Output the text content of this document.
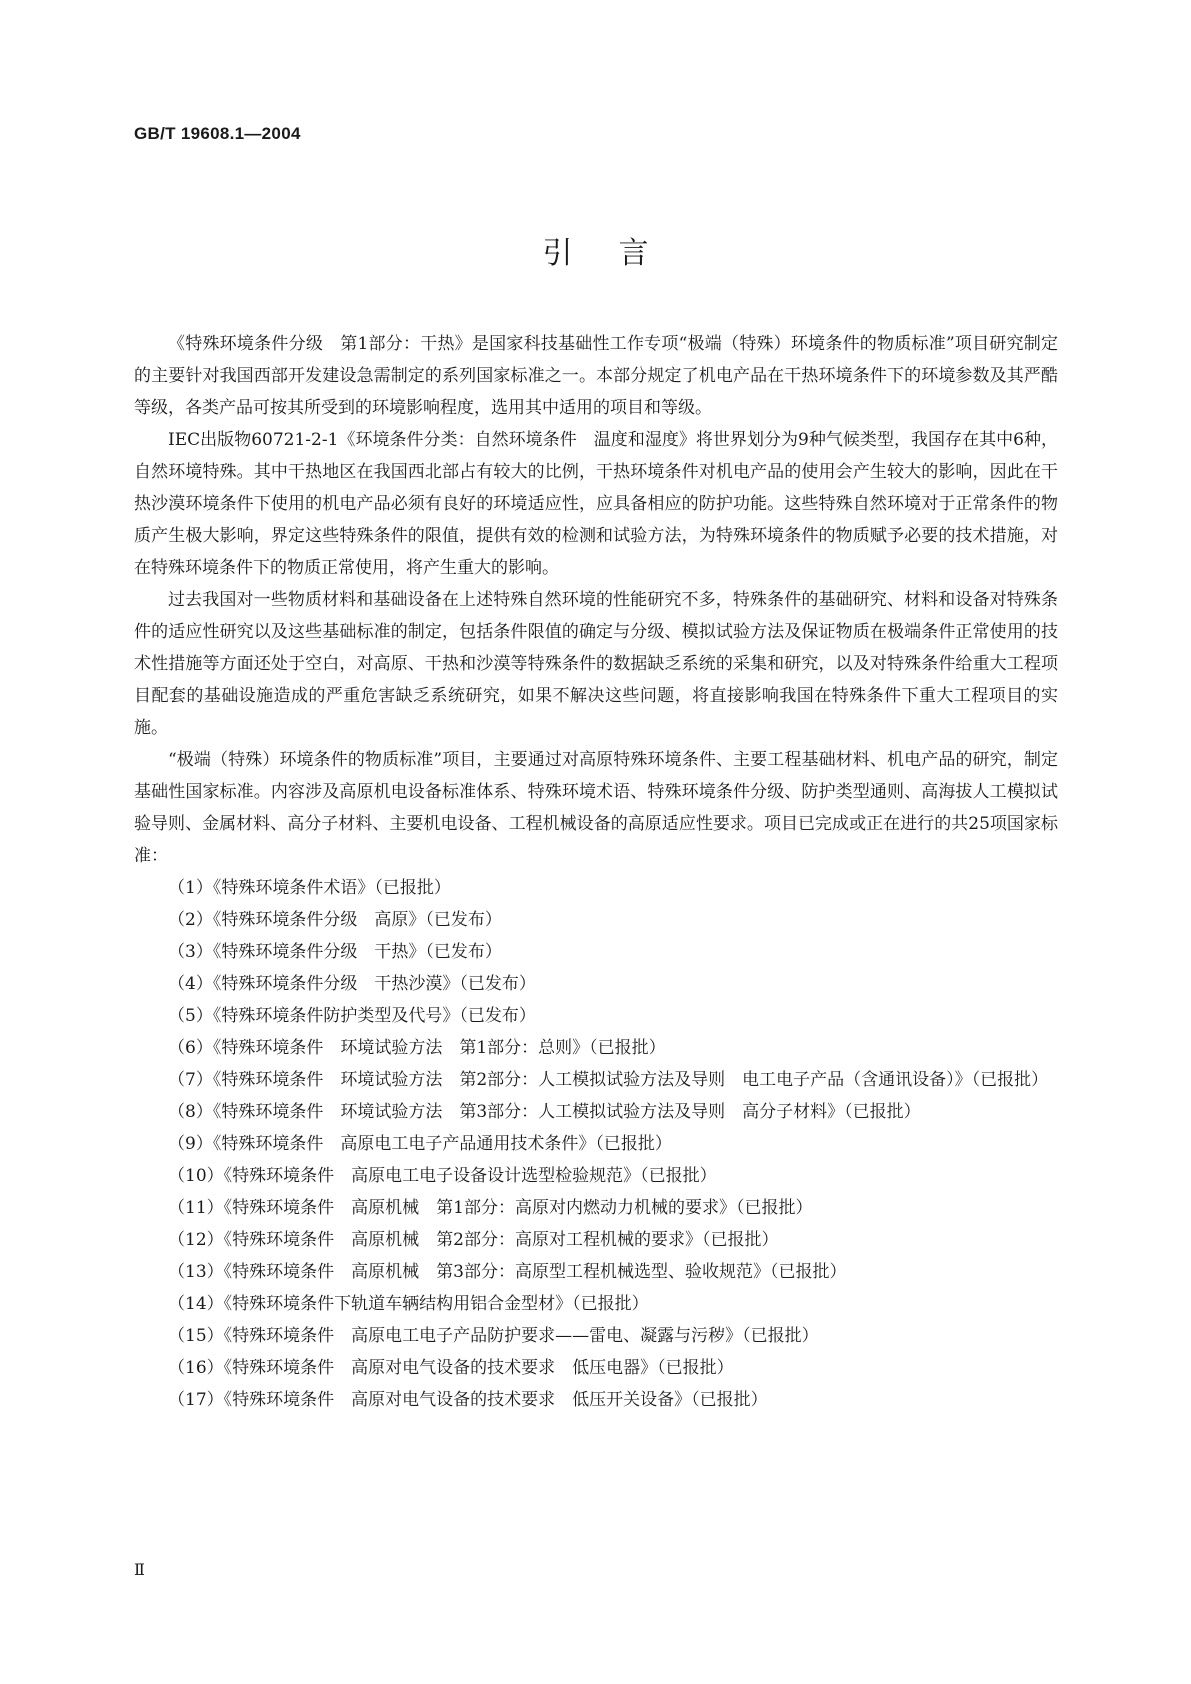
GB/T 19608.1—2004
引言

《特殊环境条件分级　第1部分：干热》是国家科技基础性工作专项“极端（特殊）环境条件的物质标准”项目研究制定的主要针对我国西部开发建设急需制定的系列国家标准之一。本部分规定了机电产品在干热环境条件下的环境参数及其严酷等级，各类产品可按其所受到的环境影响程度，选用其中适用的项目和等级。

IEC出版物60721-2-1《环境条件分类：自然环境条件　温度和湿度》将世界划分为9种气候类型，我国存在其中6种，自然环境特殊。其中干热地区在我国西北部占有较大的比例，干热环境条件对机电产品的使用会产生较大的影响，因此在干热沙漠环境条件下使用的机电产品必须有良好的环境适应性，应具备相应的防护功能。这些特殊自然环境对于正常条件的物质产生极大影响，界定这些特殊条件的限值，提供有效的检测和试验方法，为特殊环境条件的物质赋予必要的技术措施，对在特殊环境条件下的物质正常使用，将产生重大的影响。

过去我国对一些物质材料和基础设备在上述特殊自然环境的性能研究不多，特殊条件的基础研究、材料和设备对特殊条件的适应性研究以及这些基础标准的制定，包括条件限值的确定与分级、模拟试验方法及保证物质在极端条件正常使用的技术性措施等方面还处于空白，对高原、干热和沙漠等特殊条件的数据缺乏系统的采集和研究，以及对特殊条件给重大工程项目配套的基础设施造成的严重危害缺乏系统研究，如果不解决这些问题，将直接影响我国在特殊条件下重大工程项目的实施。

“极端（特殊）环境条件的物质标准”项目，主要通过对高原特殊环境条件、主要工程基础材料、机电产品的研究，制定基础性国家标准。内容涉及高原机电设备标准体系、特殊环境术语、特殊环境条件分级、防护类型通则、高海拔人工模拟试验导则、金属材料、高分子材料、主要机电设备、工程机械设备的高原适应性要求。项目已完成或正在进行的共25项国家标准：

（1）《特殊环境条件术语》（已报批）

（2）《特殊环境条件分级　高原》（已发布）

（3）《特殊环境条件分级　干热》（已发布）

（4）《特殊环境条件分级　干热沙漠》（已发布）

（5）《特殊环境条件防护类型及代号》（已发布）

（6）《特殊环境条件　环境试验方法　第1部分：总则》（已报批）

（7）《特殊环境条件　环境试验方法　第2部分：人工模拟试验方法及导则　电工电子产品（含通讯设备）》（已报批）

（8）《特殊环境条件　环境试验方法　第3部分：人工模拟试验方法及导则　高分子材料》（已报批）

（9）《特殊环境条件　高原电工电子产品通用技术条件》（已报批）

（10）《特殊环境条件　高原电工电子设备设计选型检验规范》（已报批）

（11）《特殊环境条件　高原机械　第1部分：高原对内燃动力机械的要求》（已报批）

（12）《特殊环境条件　高原机械　第2部分：高原对工程机械的要求》（已报批）

（13）《特殊环境条件　高原机械　第3部分：高原型工程机械选型、验收规范》（已报批）

（14）《特殊环境条件下轨道车辆结构用铝合金型材》（已报批）

（15）《特殊环境条件　高原电工电子产品防护要求——雷电、凝露与污秽》（已报批）

（16）《特殊环境条件　高原对电气设备的技术要求　低压电器》（已报批）

（17）《特殊环境条件　高原对电气设备的技术要求　低压开关设备》（已报批）

Ⅱ
